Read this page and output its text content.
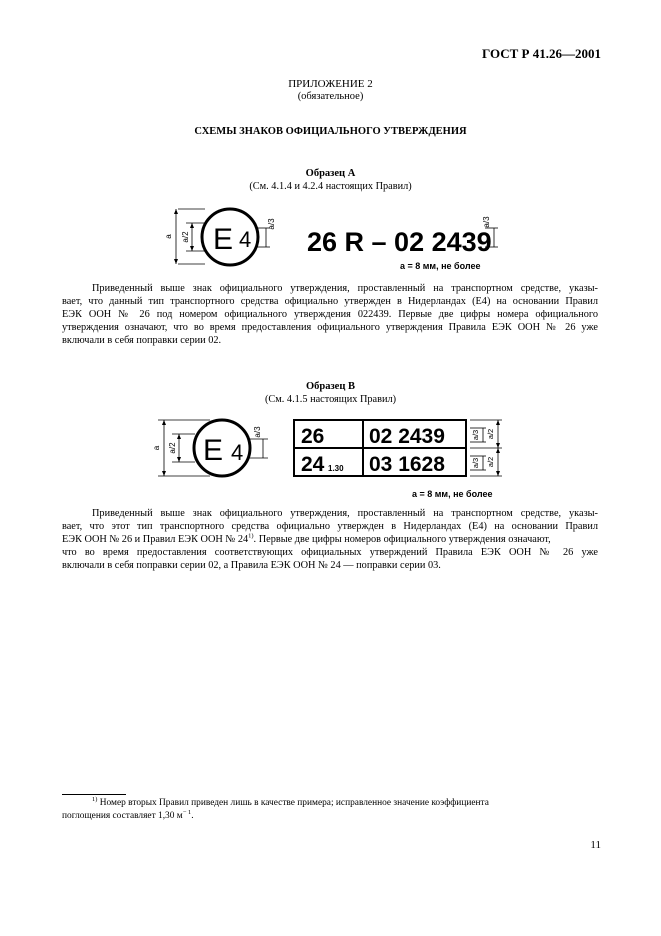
ГОСТ Р 41.26—2001
ПРИЛОЖЕНИЕ 2
(обязательное)
СХЕМЫ ЗНАКОВ ОФИЦИАЛЬНОГО УТВЕРЖДЕНИЯ
Образец A
(См. 4.1.4 и 4.2.4 настоящих Правил)
a a/2 E 4
a/3
26 R – 02 2439
a/3
a = 8 мм, не более
Приведенный выше знак официального утверждения, проставленный на транспортном средстве, указы-
вает, что данный тип транспортного средства официально утвержден в Нидерландах (E4) на основании Правил
ЕЭК ООН № 26 под номером официального утверждения 022439. Первые две цифры номера официального
утверждения означают, что во время предоставления официального утверждения Правила ЕЭК ООН № 26 уже
включали в себя поправки серии 02.
Образец B
(См. 4.1.5 настоящих Правил)
a a/2 E 4
a/3 26 02 2439
24 1.30 03 1628
a/3 a/2
a/3 a/2
a = 8 мм, не более
Приведенный выше знак официального утверждения, проставленный на транспортном средстве, указы-
вает, что этот тип транспортного средства официально утвержден в Нидерландах (E4) на основании Правил
ЕЭК ООН № 26 и Правил ЕЭК ООН № 24$^{1)}$. Первые две цифры номеров официального утверждения означают,
что во время предоставления соответствующих официальных утверждений Правила ЕЭК ООН № 26 уже
включали в себя поправки серии 02, а Правила ЕЭК ООН № 24 — поправки серии 03.
$^{1)}$ Номер вторых Правил приведен лишь в качестве примера; исправленное значение коэффициента
поглощения составляет 1,30 $м^{- 1}$.
11
